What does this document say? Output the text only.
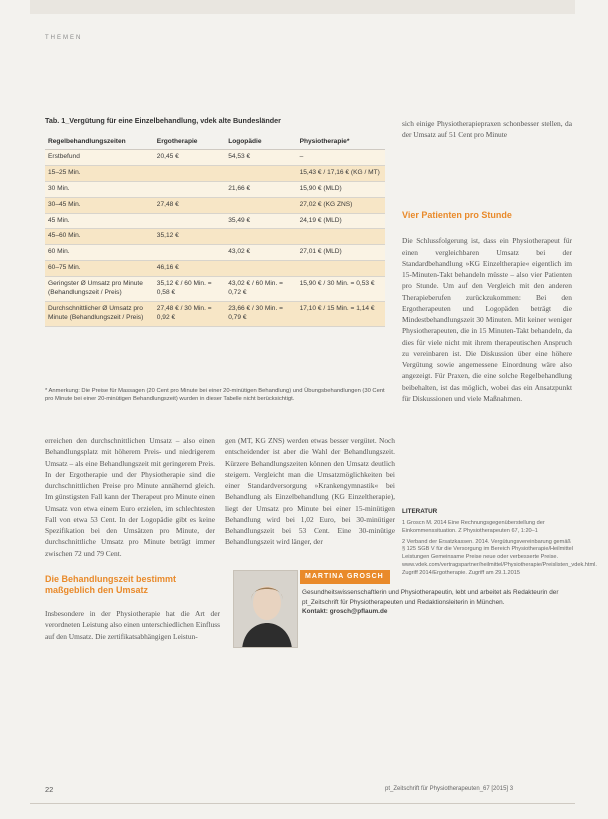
THEMEN
Tab. 1_Vergütung für eine Einzelbehandlung, vdek alte Bundesländer
Regelbehandlungszeiten	Ergotherapie	Logopädie	Physiotherapie*
Erstbefund	20,45 €	54,53 €	–
15–25 Min.			15,43 € / 17,16 € (KG / MT)
30 Min.		21,66 €	15,90 € (MLD)
30–45 Min.	27,48 €		27,02 € (KG ZNS)
45 Min.		35,49 €	24,19 € (MLD)
45–60 Min.	35,12 €		
60 Min.		43,02 €	27,01 € (MLD)
60–75 Min.	46,16 €		
Geringster Ø Umsatz pro Minute (Behandlungszeit / Preis)	35,12 € / 60 Min. = 0,58 €	43,02 € / 60 Min. = 0,72 €	15,90 € / 30 Min. = 0,53 €
Durchschnittlicher Ø Umsatz pro Minute (Behandlungszeit / Preis)	27,48 € / 30 Min. = 0,92 €	23,66 € / 30 Min. = 0,79 €	17,10 € / 15 Min. = 1,14 €
* Anmerkung: Die Preise für Massagen (20 Cent pro Minute bei einer 20-minütigen Behandlung) und Übungsbehandlungen (30 Cent pro Minute bei einer 20-minütigen Behandlungszeit) wurden in dieser Tabelle nicht berücksichtigt.
sich einige Physiotherapiepraxen schonbesser stellen, da der Umsatz auf 51 Cent pro Minute
Vier Patienten pro Stunde
Die Schlussfolgerung ist, dass ein Physiotherapeut für einen vergleichbaren Umsatz bei der Standardbehandlung »KG Einzeltherapie« eigentlich im 15-Minuten-Takt behandeln müsste – also vier Patienten pro Stunde. Um auf den Vergleich mit den anderen Therapieberufen zurückzukommen: Bei den Ergotherapeuten und Logopäden beträgt die Mindestbehandlungszeit 30 Minuten. Mit keiner weniger Physiotherapeuten, die in 15 Minuten-Takt behandeln, da dies für viele nicht mit ihrem therapeutischen Anspruch zu vereinbaren ist. Die Diskussion über eine höhere Vergütung sowie angemessene Einordnung wäre also angezeigt. Für Praxen, die eine solche Regelbehandlung beibehalten, ist das möglich, wobei das ein Ansatzpunkt für Diskussionen und viele Maßnahmen.
erreichen den durchschnittlichen Umsatz – also einen Behandlungsplatz mit höherem Preis- und niedrigerem Umsatz – als eine Behandlungszeit mit geringerem Preis. In der Ergotherapie und der Physiotherapie sind die durchschnittlichen Preise pro Minute annähernd gleich. Im günstigsten Fall kann der Therapeut pro Minute einen Umsatz von etwa einem Euro erzielen, im schlechtesten Fall von etwa 53 Cent. In der Logopädie gibt es keine Spezifikation bei den Umsätzen pro Minute, der durchschnittliche Umsatz pro Minute beträgt immer zwischen 72 und 79 Cent.
gen (MT, KG ZNS) werden etwas besser vergütet. Noch entscheidender ist aber die Wahl der Behandlungszeit. Kürzere Behandlungszeiten können den Umsatz deutlich steigern. Vergleicht man die Umsatzmöglichkeiten bei einer Standardversorgung »Krankengymnastik« bei Behandlung als Einzelbehandlung (KG Einzeltherapie), liegt der Umsatz pro Minute bei einer 15-minütigen Behandlung wird bei 1,02 Euro, bei 30-minütiger Behandlungszeit bei 53 Cent. Eine 30-minütige Behandlungszeit wird länger, der
LITERATUR
1 Groscn M. 2014 Eine Rechnungsgegenüberstellung der Einkommenssituation. Z Physiotherapeuten 67, 1:20–1
2 Verband der Ersatzkassen. 2014. Vergütungsvereinbarung gemäß § 125 SGB V für die Versorgung im Bereich Physiotherapie/Heilmittel Leistungen Gemeinsame Preise neue oder verbesserte Preise. www.vdek.com/vertragspartner/heilmittel/Physiotherapie/Preislisten_vdek.html. Zugriff 2014/Ergotherapie. Zugriff am 29.1.2015
Die Behandlungszeit bestimmt maßgeblich den Umsatz
Insbesondere in der Physiotherapie hat die Art der verordneten Leistung also einen unterschiedlichen Einfluss auf den Umsatz. Die zertifikatsabhängigen Leistun-
MARTINA GROSCH
Gesundheitswissenschaftlerin und Physiotherapeutin, lebt und arbeitet als Redakteurin der pt_Zeitschrift für Physiotherapeuten und Redaktionsleiterin in München.
Kontakt: grosch@pflaum.de
22	pt_Zeitschrift für Physiotherapeuten_67 [2015] 3
